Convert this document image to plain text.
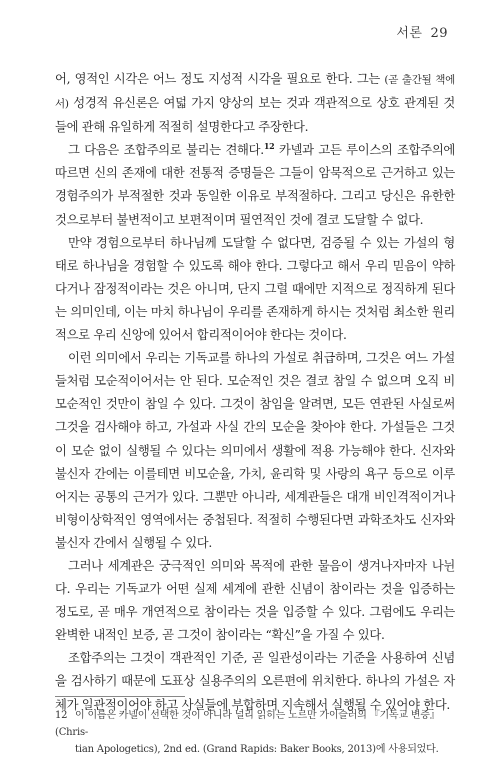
서론 29

어, 영적인 시각은 어느 정도 지성적 시각을 필요로 한다. 그는 (곧 출간될 책에서) 성경적 유신론은 여덟 가지 양상의 보는 것과 객관적으로 상호 관계된 것들에 관해 유일하게 적절히 설명한다고 주장한다.

그 다음은 조합주의로 불리는 견해다.$^{12}$ 카넬과 고든 루이스의 조합주의에 따르면 신의 존재에 대한 전통적 증명들은 그들이 암묵적으로 근거하고 있는 경험주의가 부적절한 것과 동일한 이유로 부적절하다. 그리고 당신은 유한한 것으로부터 불변적이고 보편적이며 필연적인 것에 결코 도달할 수 없다.

만약 경험으로부터 하나님께 도달할 수 없다면, 검증될 수 있는 가설의 형태로 하나님을 경험할 수 있도록 해야 한다. 그렇다고 해서 우리 믿음이 약하다거나 잠정적이라는 것은 아니며, 단지 그럴 때에만 지적으로 정직하게 된다는 의미인데, 이는 마치 하나님이 우리를 존재하게 하시는 것처럼 최소한 원리적으로 우리 신앙에 있어서 합리적이어야 한다는 것이다.

이런 의미에서 우리는 기독교를 하나의 가설로 취급하며, 그것은 여느 가설들처럼 모순적이어서는 안 된다. 모순적인 것은 결코 참일 수 없으며 오직 비모순적인 것만이 참일 수 있다. 그것이 참임을 알려면, 모든 연관된 사실로써 그것을 검사해야 하고, 가설과 사실 간의 모순을 찾아야 한다. 가설들은 그것이 모순 없이 실행될 수 있다는 의미에서 생활에 적용 가능해야 한다. 신자와 불신자 간에는 이를테면 비모순율, 가치, 윤리학 및 사랑의 욕구 등으로 이루어지는 공통의 근거가 있다. 그뿐만 아니라, 세계관들은 대개 비인격적이거나 비형이상학적인 영역에서는 중첩된다. 적절히 수행된다면 과학조차도 신자와 불신자 간에서 실행될 수 있다.

그러나 세계관은 궁극적인 의미와 목적에 관한 물음이 생겨나자마자 나뉜다. 우리는 기독교가 어떤 실제 세계에 관한 신념이 참이라는 것을 입증하는 정도로, 곧 매우 개연적으로 참이라는 것을 입증할 수 있다. 그럼에도 우리는 완벽한 내적인 보증, 곧 그것이 참이라는 “확신”을 가질 수 있다.

조합주의는 그것이 객관적인 기준, 곧 일관성이라는 기준을 사용하여 신념을 검사하기 때문에 도표상 실용주의의 오른편에 위치한다. 하나의 가설은 자체가 일관적이어야 하고 사실들에 부합하며 지속해서 실행될 수 있어야 한다.

12 이 이름은 카넬이 선택한 것이 아니라 널리 읽히는 노르만 가이슬러의 『기독교 변증』(Chris-
tian Apologetics), 2nd ed. (Grand Rapids: Baker Books, 2013)에 사용되었다.
